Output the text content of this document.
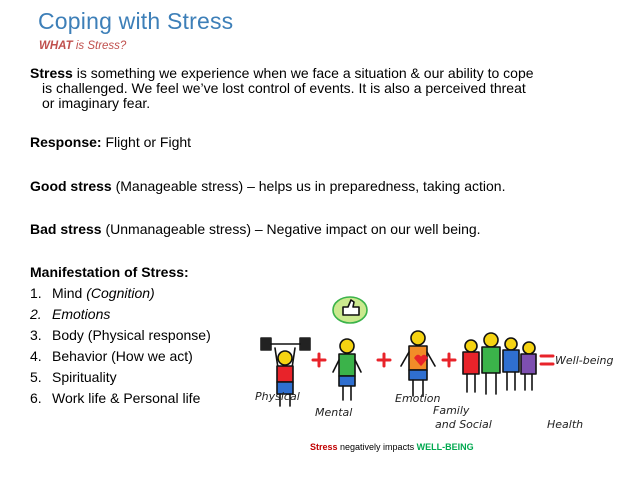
Coping with Stress
WHAT is Stress?
Stress is something we experience when we face a situation & our ability to cope
is challenged. We feel we’ve lost control of events. It is also a perceived threat
or imaginary fear.
Response: Flight or Fight
Good stress (Manageable stress) – helps us in preparedness, taking action.
Bad stress (Unmanageable stress) – Negative impact on our well being.
Manifestation of Stress:
1. Mind (Cognition)
2. Emotions
3. Body (Physical response)
4. Behavior (How we act)
5. Spirituality
6. Work life & Personal life	Physical
Mental
Emotion
Family
and Social	Health
Well-being
Stress negatively impacts WELL-BEING
